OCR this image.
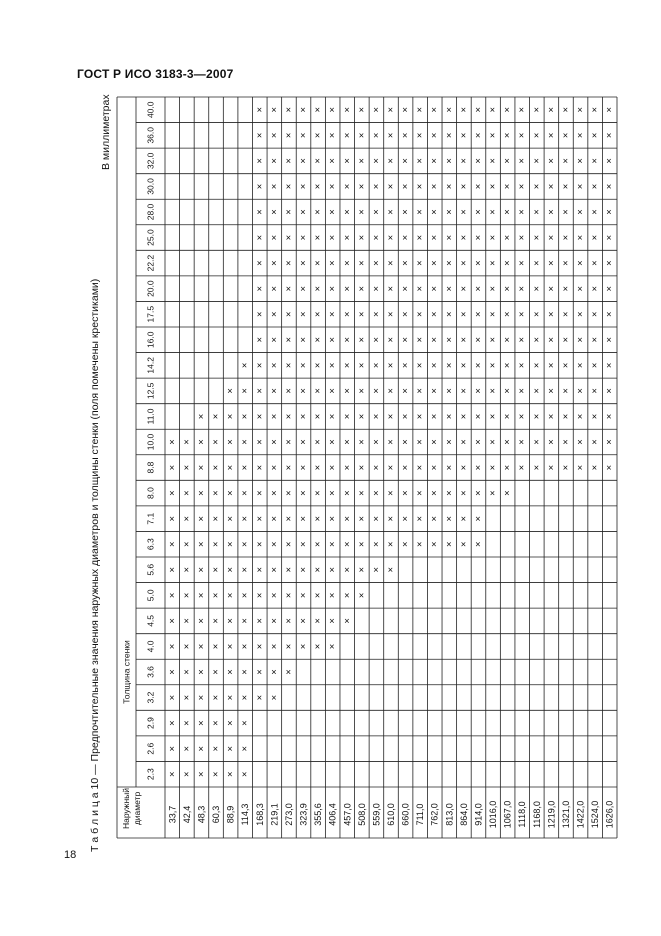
ГОСТ Р ИСО 3183-3—2007
Т а б л и ц а 10 — Предпочтительные значения наружных диаметров и толщины стенки (поля помечены крестиками)
В миллиметрах
Толщина стенки
Наружный диаметр
2.3
2.6
2.9
3.2
3.6
4.0
4.5
5.0
5.6
6.3
7.1
8.0
8.8
10.0
11.0
12.5
14.2
16.0
17.5
20.0
22.2
25.0
28.0
30.0
32.0
36.0
40.0
33,7 42,4 48,3 60,3 88,9 114,3 168,3 219,1 273,0 323,9 355,6 406,4 457,0 508,0 559,0 610,0 660,0 711,0 762,0 813,0 864,0 914,0 1016,0 1067,0 1118,0 1168,0 1219,0 1321,0 1422,0 1524,0 1626,0
×
×
×
×
×
×
×
×
×
×
×
×
×
×
×
×
×
×
×
×
×
×
×
×
×
×
×
×
×
×
×
×
×
×
×
×
×
×
×
×
×
×
×
×
×
×
×
×
×
×
×
×
×
×
×
×
×
×
×
×
×
×
×
×
×
×
×
×
×
×
×
×
×
×
×
×
×
×
×
×
×
×
×
×
×
×
×
×
×
×
×
×
×
×
×
×
×
×
×
×
×
×
×
×
×
×
×
×
×
×
×
×
×
×
×
×
×
×
×
×
×
×
×
×
×
×
×
×
×
×
×
×
×
×
×
×
×
×
×
×
×
×
×
×
×
×
×
×
×
×
×
×
×
×
×
×
×
×
×
×
×
×
×
×
×
×
×
×
×
×
×
×
×
×
×
×
×
×
×
×
×
×
×
×
×
×
×
×
×
×
×
×
×
×
×
×
×
×
×
×
×
×
×
×
×
×
×
×
×
×
×
×
×
×
×
×
×
×
×
×
×
×
×
×
×
×
×
×
×
×
×
×
×
×
×
×
×
×
×
×
×
×
×
×
×
×
×
×
×
×
×
×
×
×
×
×
×
×
×
×
×
×
×
×
×
×
×
×
×
×
×
×
×
×
×
×
×
×
×
×
×
×
×
×
×
×
×
×
×
×
×
×
×
×
×
×
×
×
×
×
×
×
×
×
×
×
×
×
×
×
×
×
×
×
×
×
×
×
×
×
×
×
×
×
×
×
×
×
×
×
×
×
×
×
×
×
×
×
×
×
×
×
×
×
×
×
×
×
×
×
×
×
×
×
×
×
×
×
×
×
×
×
×
×
×
×
×
×
×
×
×
×
×
×
×
×
×
×
×
×
×
×
×
×
×
×
×
×
×
×
×
×
×
×
×
×
×
×
×
×
×
×
×
×
×
×
×
×
×
×
×
×
×
×
×
×
×
×
×
×
×
×
×
×
×
×
×
×
×
×
×
×
×
×
×
×
×
×
×
×
×
×
×
×
×
×
×
×
×
×
×
×
×
×
×
×
×
×
×
×
×
×
×
×
×
×
×
×
×
×
×
×
×
×
×
×
×
×
×
×
×
×
×
×
×
×
×
×
×
×
×
×
×
×
×
×
×
×
×
×
×
×
×
×
×
×
×
×
×
×
×
×
×
×
×
×
×
×
×
×
×
×
×
×
×
×
×
×
×
×
×
×
×
×
×
×
×
×
×
×
×
×
×
×
×
×
×
×
×
×
×
×
18
